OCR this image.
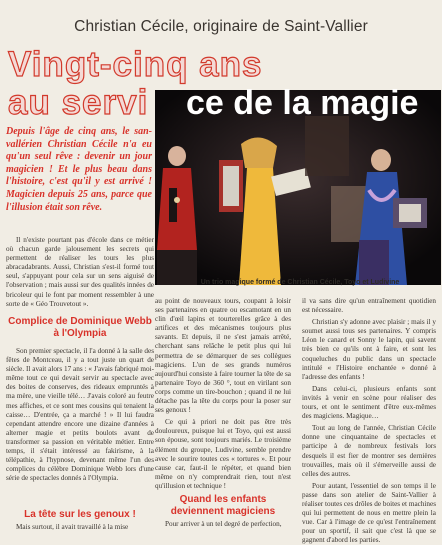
Christian Cécile, originaire de Saint-Vallier
Vingt-cinq ans
au servi ce de la magie
Un trio magique formé de Christian Cécile, Toyo et Ludivine
Depuis l'âge de cinq ans, le san-vallérien Christian Cécile n'a eu qu'un seul rêve : devenir un jour magicien ! Et le plus beau dans l'histoire, c'est qu'il y est arrivé ! Magicien depuis 25 ans, parce que l'illusion était son rêve.

Il n'existe pourtant pas d'école dans ce métier où chacun garde jalousement les secrets qui permettent de réaliser les tours les plus abracadabrants. Aussi, Christian s'est-il formé tout seul, s'appuyant pour cela sur un sens aiguisé de l'observation ; mais aussi sur des qualités innées de bricoleur qui le font par moment ressembler à une sorte de « Géo Trouvetout ».

Complice de Dominique Webb à l'Olympia

Son premier spectacle, il l'a donné à la salle des fêtes de Montceau, il y a tout juste un quart de siècle. Il avait alors 17 ans : « J'avais fabriqué moi-même tout ce qui devait servir au spectacle avec des boites de conserves, des rideaux empruntés à ma mère, une vieille télé… J'avais coloré au feutre mes affiches, et ce sont mes cousins qui tenaient la caisse… D'entrée, ça a marché ! » Il lui faudra cependant attendre encore une dizaine d'années à alterner magie et petits boulots avant de transformer sa passion en véritable métier. Entre temps, il s'était intéressé au fakirisme, à la télépathie, à l'hypnose, devenant même l'un des complices du célèbre Dominique Webb lors d'une série de spectacles donnés à l'Olympia.

La tête sur les genoux !

Mais surtout, il avait travaillé à la mise

au point de nouveaux tours, coupant à loisir ses partenaires en quatre ou escamotant en un clin d'œil lapins et tourterelles grâce à des artifices et des mécanismes toujours plus savants. Et depuis, il ne s'est jamais arrêté, cherchant sans relâche le petit plus qui lui permettra de se démarquer de ses collègues magiciens. L'un de ses grands numéros aujourd'hui consiste à faire tourner la tête de sa partenaire Toyo de 360 °, tout en virilant son corps comme un tire-bouchon ; quand il ne lui détache pas la tête du corps pour la poser sur ses genoux !

Ce qui à priori ne doit pas être très douloureux, puisque lui et Toyo, qui est aussi son épouse, sont toujours mariés. Le troisième élément du groupe, Ludivine, semble prendre avec le sourire toutes ces « tortures ». Et pour cause car, faut-il le répéter, et quand bien même on n'y comprendrait rien, tout n'est qu'illusion et technique !

Quand les enfants deviennent magiciens

Pour arriver à un tel degré de perfection,

il va sans dire qu'un entraînement quotidien est nécessaire.

Christian s'y adonne avec plaisir ; mais il y soumet aussi tous ses partenaires. Y compris Léon le canard et Sonny le lapin, qui savent très bien ce qu'ils ont à faire, et sont les coqueluches du public dans un spectacle intitulé « l'Histoire enchantée » donné à l'adresse des enfants !

Dans celui-ci, plusieurs enfants sont invités à venir en scène pour réaliser des tours, et ont le sentiment d'être eux-mêmes des magiciens. Magique…

Tout au long de l'année, Christian Cécile donne une cinquantaine de spectacles et participe à de nombreux festivals lors desquels il est fier de montrer ses dernières trouvailles, mais où il s'émerveille aussi de celles des autres.

Pour autant, l'essentiel de son temps il le passe dans son atelier de Saint-Vallier à réaliser toutes ces drôles de boites et machines qui lui permettent de nous en mettre plein la vue. Car à l'image de ce qu'est l'entraînement pour un sportif, il sait que c'est là que se gagnent d'abord les parties.
